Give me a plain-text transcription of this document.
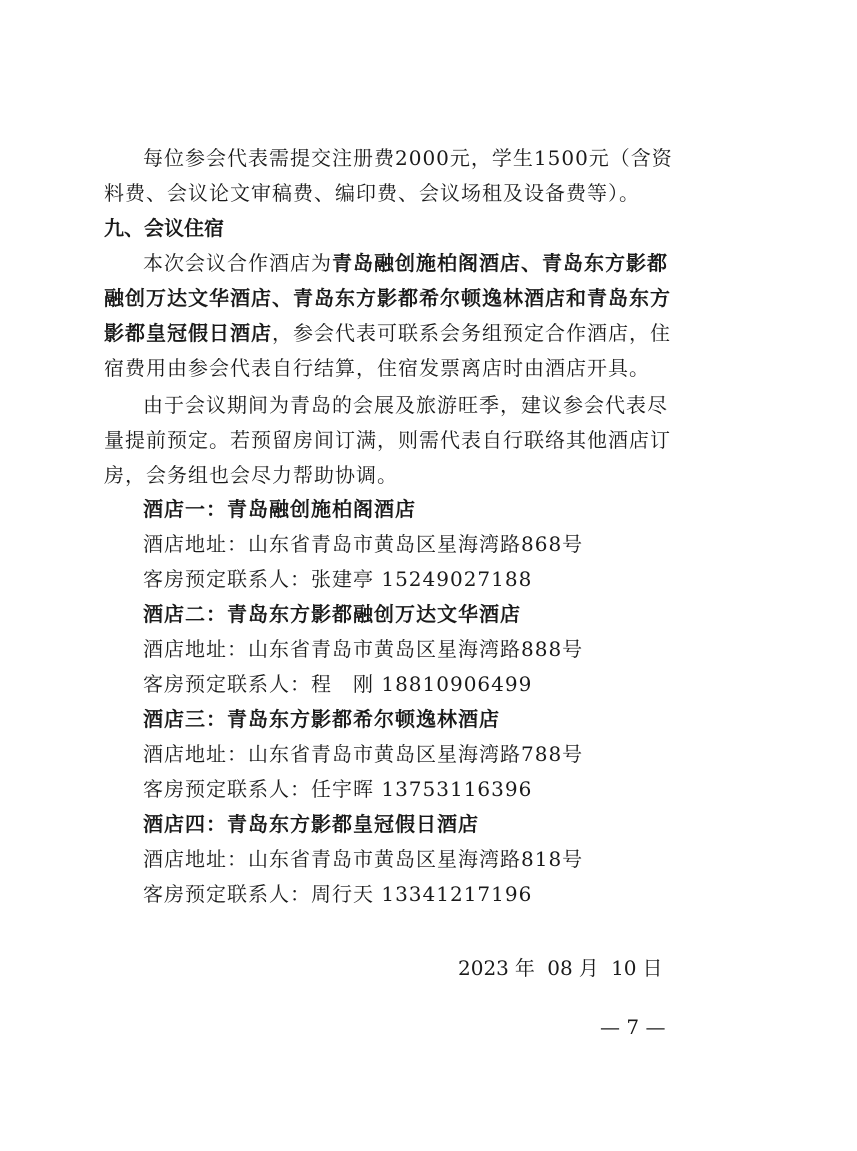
每位参会代表需提交注册费2000元，学生1500元（含资
料费、会议论文审稿费、编印费、会议场租及设备费等）。
九、会议住宿
本次会议合作酒店为青岛融创施柏阁酒店、青岛东方影都
融创万达文华酒店、青岛东方影都希尔顿逸林酒店和青岛东方
影都皇冠假日酒店，参会代表可联系会务组预定合作酒店，住
宿费用由参会代表自行结算，住宿发票离店时由酒店开具。
由于会议期间为青岛的会展及旅游旺季，建议参会代表尽
量提前预定。若预留房间订满，则需代表自行联络其他酒店订
房，会务组也会尽力帮助协调。
酒店一：青岛融创施柏阁酒店
酒店地址：山东省青岛市黄岛区星海湾路868号
客房预定联系人：张建亭 15249027188
酒店二：青岛东方影都融创万达文华酒店
酒店地址：山东省青岛市黄岛区星海湾路888号
客房预定联系人：程　刚 18810906499
酒店三：青岛东方影都希尔顿逸林酒店
酒店地址：山东省青岛市黄岛区星海湾路788号
客房预定联系人：任宇晖 13753116396
酒店四：青岛东方影都皇冠假日酒店
酒店地址：山东省青岛市黄岛区星海湾路818号
客房预定联系人：周行天 13341217196
2023 年 08 月 10 日
— 7 —
